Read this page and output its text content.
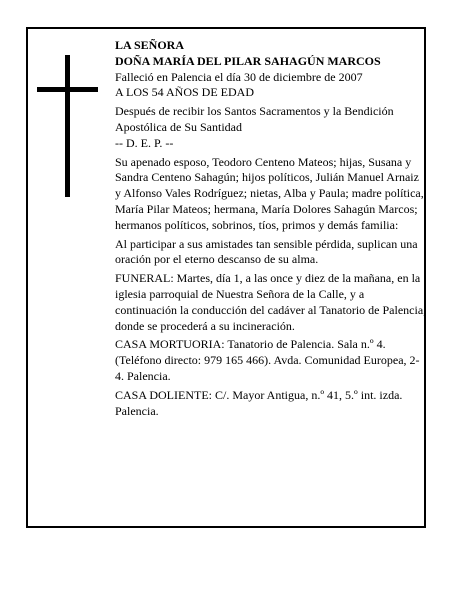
LA SEÑORA

DOÑA MARÍA DEL PILAR SAHAGÚN MARCOS

Falleció en Palencia el día 30 de diciembre de 2007

A LOS 54 AÑOS DE EDAD

Después de recibir los Santos Sacramentos y la Bendición Apostólica de Su Santidad

-- D. E. P. --

Su apenado esposo, Teodoro Centeno Mateos; hijas, Susana y Sandra Centeno Sahagún; hijos políticos, Julián Manuel Arnaiz y Alfonso Vales Rodríguez; nietas, Alba y Paula; madre política, María Pilar Mateos; hermana, María Dolores Sahagún Marcos; hermanos políticos, sobrinos, tíos, primos y demás familia:

Al participar a sus amistades tan sensible pérdida, suplican una oración por el eterno descanso de su alma.

FUNERAL: Martes, día 1, a las once y diez de la mañana, en la iglesia parroquial de Nuestra Señora de la Calle, y a continuación la conducción del cadáver al Tanatorio de Palencia, donde se procederá a su incineración.

CASA MORTUORIA: Tanatorio de Palencia. Sala n.º 4. (Teléfono directo: 979 165 466). Avda. Comunidad Europea, 2-4. Palencia.

CASA DOLIENTE: C/. Mayor Antigua, n.º 41, 5.º int. izda. Palencia.
